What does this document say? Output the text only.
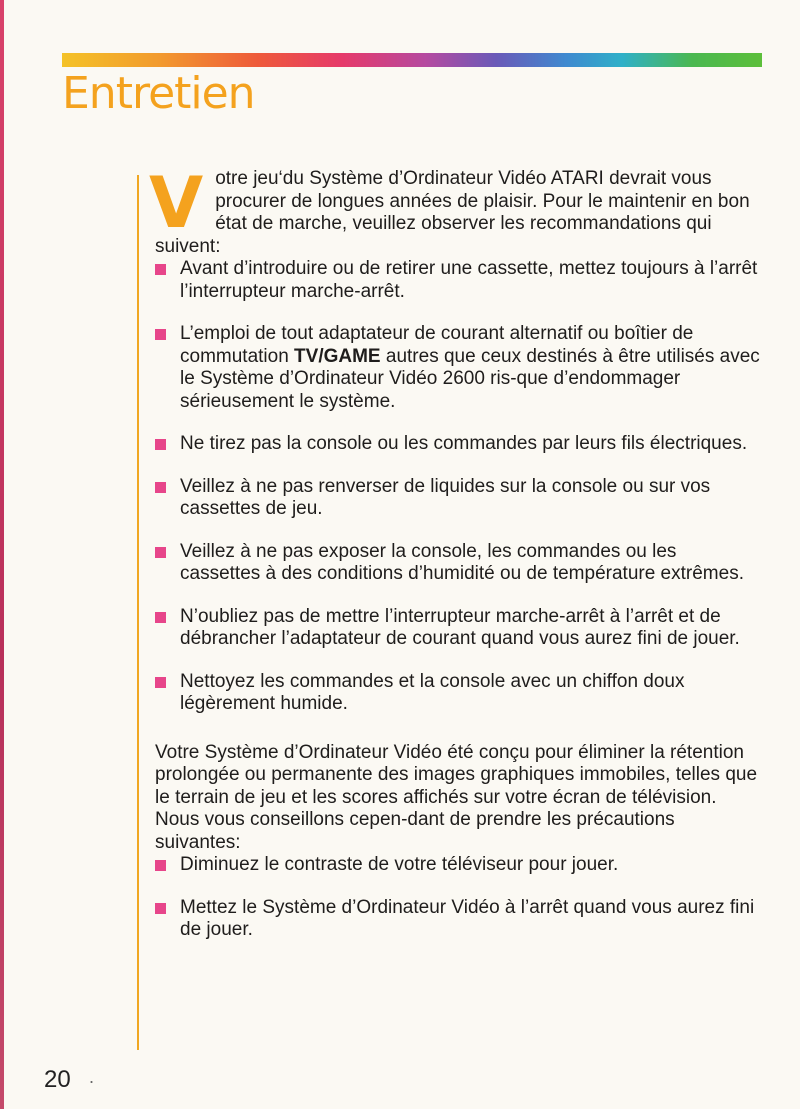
Entretien

Votre jeu‘du Système d’Ordinateur Vidéo ATARI devrait vous procurer de longues années de plaisir. Pour le maintenir en bon état de marche, veuillez observer les recommandations qui suivent:

Avant d’introduire ou de retirer une cassette, mettez toujours à l’arrêt l’interrupteur marche-arrêt.
L’emploi de tout adaptateur de courant alternatif ou boîtier de commutation TV/GAME autres que ceux destinés à être utilisés avec le Système d’Ordinateur Vidéo 2600 ris-que d’endommager sérieusement le système.
Ne tirez pas la console ou les commandes par leurs fils électriques.
Veillez à ne pas renverser de liquides sur la console ou sur vos cassettes de jeu.
Veillez à ne pas exposer la console, les commandes ou les cassettes à des conditions d’humidité ou de température extrêmes.
N’oubliez pas de mettre l’interrupteur marche-arrêt à l’arrêt et de débrancher l’adaptateur de courant quand vous aurez fini de jouer.
Nettoyez les commandes et la console avec un chiffon doux légèrement humide.

Votre Système d’Ordinateur Vidéo été conçu pour éliminer la rétention prolongée ou permanente des images graphiques immobiles, telles que le terrain de jeu et les scores affichés sur votre écran de télévision. Nous vous conseillons cepen-dant de prendre les précautions suivantes:

Diminuez le contraste de votre téléviseur pour jouer.
Mettez le Système d’Ordinateur Vidéo à l’arrêt quand vous aurez fini de jouer.
20 .
